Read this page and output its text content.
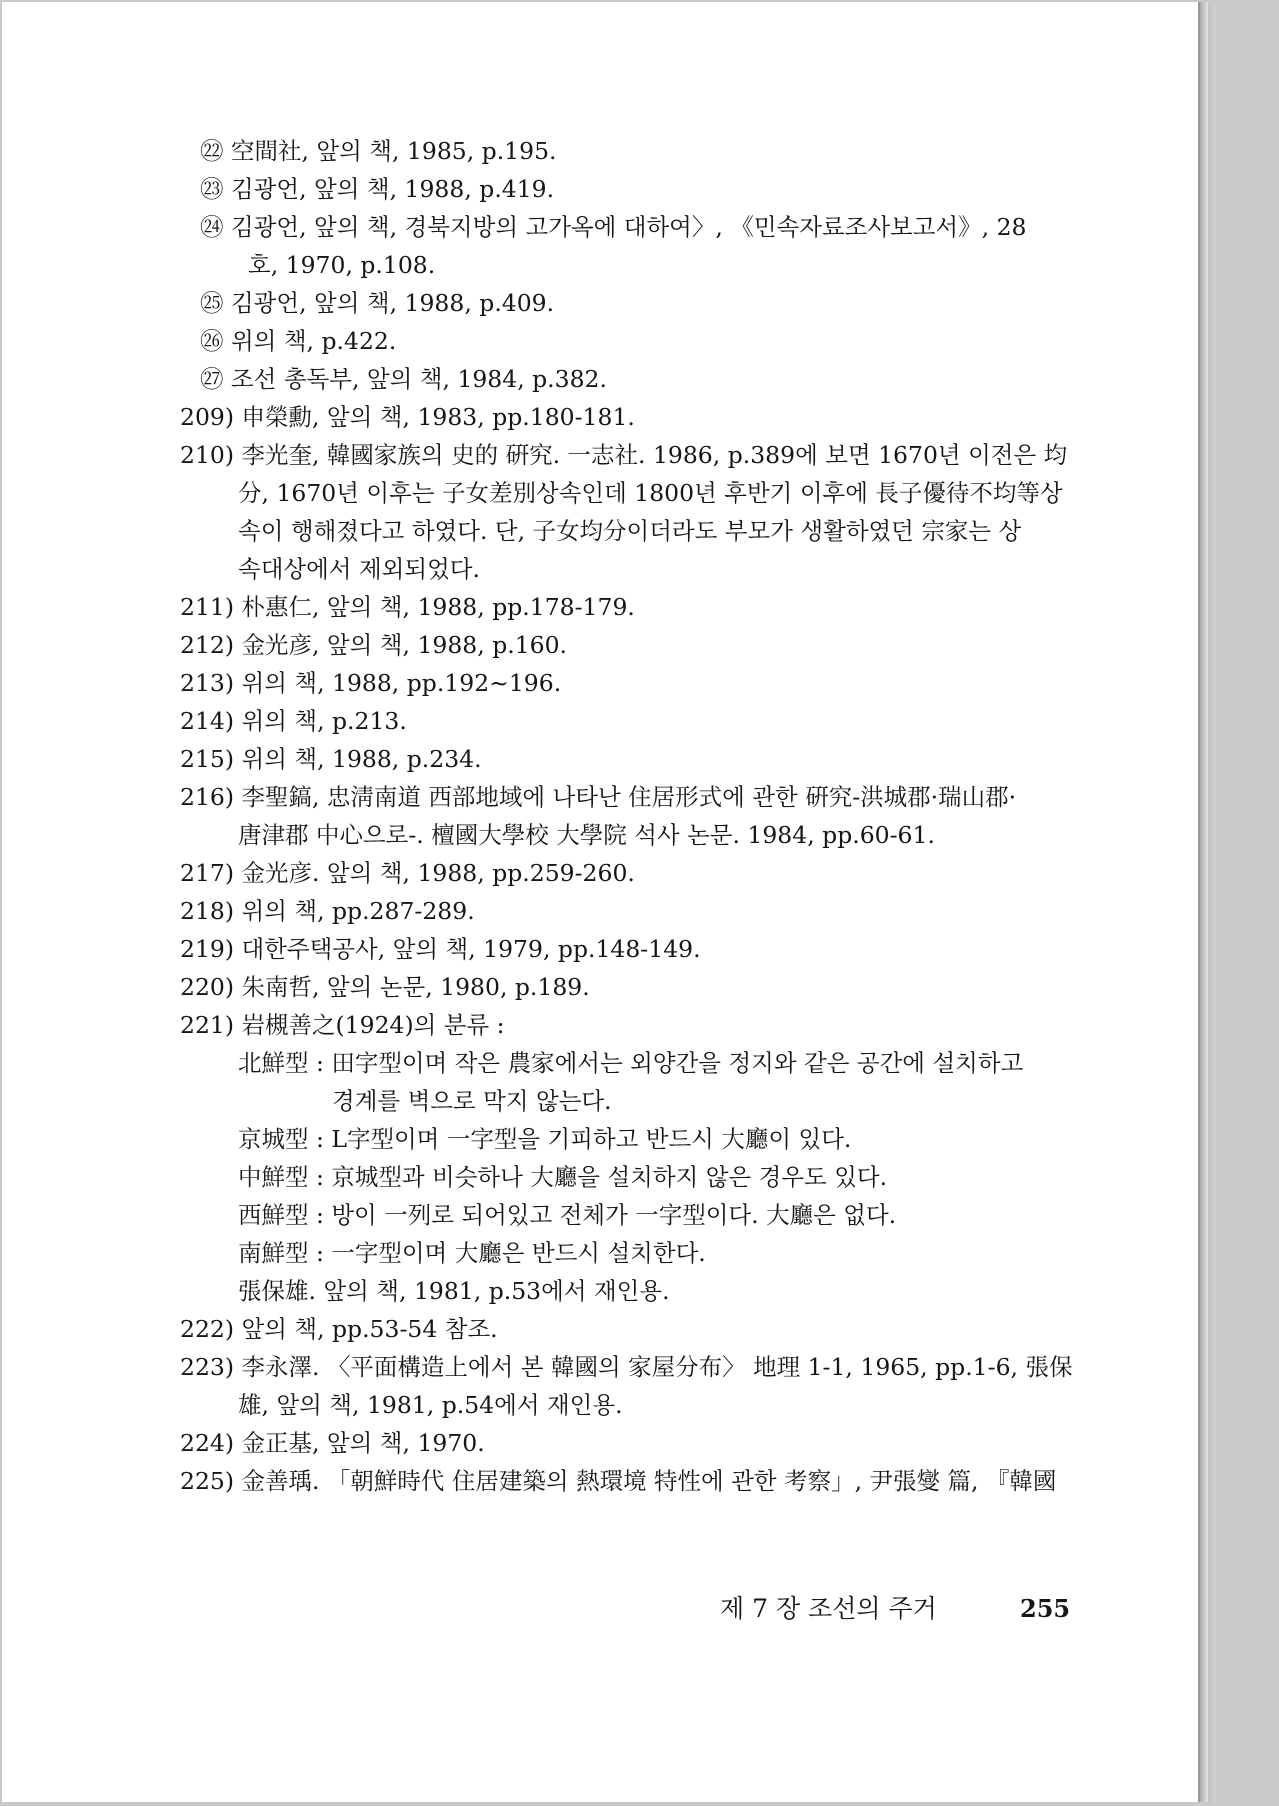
㉒ 空間社, 앞의 책, 1985, p.195.
㉓ 김광언, 앞의 책, 1988, p.419.
㉔ 김광언, 앞의 책, 경북지방의 고가옥에 대하여〉, 《민속자료조사보고서》, 28
호, 1970, p.108.
㉕ 김광언, 앞의 책, 1988, p.409.
㉖ 위의 책, p.422.
㉗ 조선 총독부, 앞의 책, 1984, p.382.
209) 申榮勳, 앞의 책, 1983, pp.180-181.
210) 李光奎, 韓國家族의 史的 硏究. 一志社. 1986, p.389에 보면 1670년 이전은 均
分, 1670년 이후는 子女差別상속인데 1800년 후반기 이후에 長子優待不均等상
속이 행해졌다고 하였다. 단, 子女均分이더라도 부모가 생활하였던 宗家는 상
속대상에서 제외되었다.
211) 朴惠仁, 앞의 책, 1988, pp.178-179.
212) 金光彦, 앞의 책, 1988, p.160.
213) 위의 책, 1988, pp.192~196.
214) 위의 책, p.213.
215) 위의 책, 1988, p.234.
216) 李聖鎬, 忠淸南道 西部地域에 나타난 住居形式에 관한 硏究-洪城郡·瑞山郡·
唐津郡 中心으로-. 檀國大學校 大學院 석사 논문. 1984, pp.60-61.
217) 金光彦. 앞의 책, 1988, pp.259-260.
218) 위의 책, pp.287-289.
219) 대한주택공사, 앞의 책, 1979, pp.148-149.
220) 朱南哲, 앞의 논문, 1980, p.189.
221) 岩槻善之(1924)의 분류 :
北鮮型 : 田字型이며 작은 農家에서는 외양간을 정지와 같은 공간에 설치하고
경계를 벽으로 막지 않는다.
京城型 : L字型이며 一字型을 기피하고 반드시 大廳이 있다.
中鮮型 : 京城型과 비슷하나 大廳을 설치하지 않은 경우도 있다.
西鮮型 : 방이 一列로 되어있고 전체가 一字型이다. 大廳은 없다.
南鮮型 : 一字型이며 大廳은 반드시 설치한다.
張保雄. 앞의 책, 1981, p.53에서 재인용.
222) 앞의 책, pp.53-54 참조.
223) 李永澤. 〈平面構造上에서 본 韓國의 家屋分布〉 地理 1-1, 1965, pp.1-6, 張保
雄, 앞의 책, 1981, p.54에서 재인용.
224) 金正基, 앞의 책, 1970.
225) 金善瑀. 「朝鮮時代 住居建築의 熱環境 特性에 관한 考察」, 尹張燮 篇, 『韓國
제 7 장 조선의 주거	255
